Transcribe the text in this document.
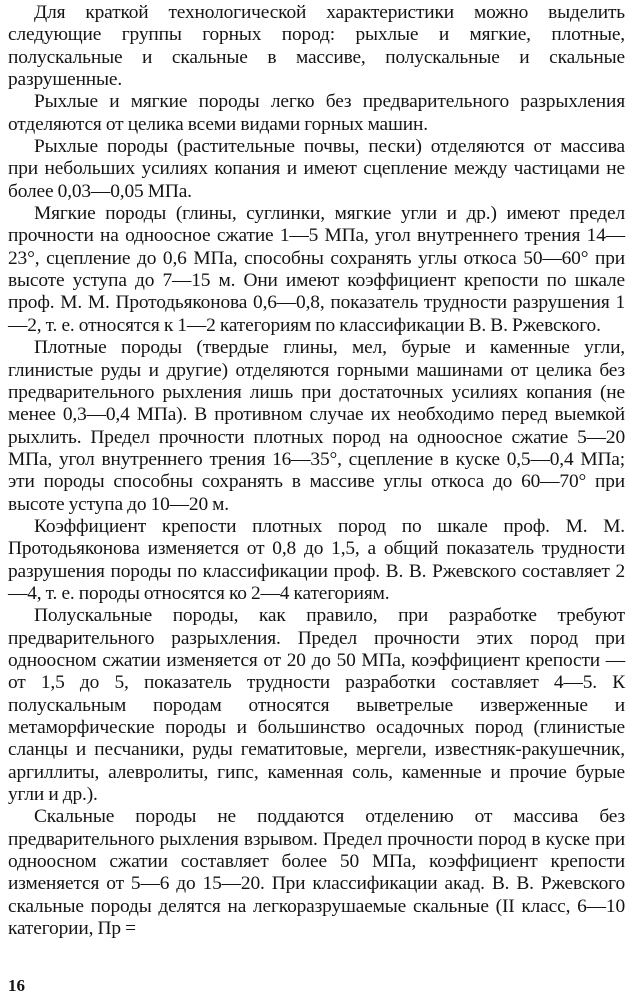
Для краткой технологической характеристики можно выделить следующие группы горных пород: рыхлые и мягкие, плотные, полускальные и скальные в массиве, полускальные и скальные разрушенные.

Рыхлые и мягкие породы легко без предварительного разрыхления отделяются от целика всеми видами горных машин.

Рыхлые породы (растительные почвы, пески) отделяются от массива при небольших усилиях копания и имеют сцепление между частицами не более 0,03—0,05 МПа.

Мягкие породы (глины, суглинки, мягкие угли и др.) имеют предел прочности на одноосное сжатие 1—5 МПа, угол внутреннего трения 14—23°, сцепление до 0,6 МПа, способны сохранять углы откоса 50—60° при высоте уступа до 7—15 м. Они имеют коэффициент крепости по шкале проф. М. М. Протодьяконова 0,6—0,8, показатель трудности разрушения 1—2, т. е. относятся к 1—2 категориям по классификации В. В. Ржевского.

Плотные породы (твердые глины, мел, бурые и каменные угли, глинистые руды и другие) отделяются горными машинами от целика без предварительного рыхления лишь при достаточных усилиях копания (не менее 0,3—0,4 МПа). В противном случае их необходимо перед выемкой рыхлить. Предел прочности плотных пород на одноосное сжатие 5—20 МПа, угол внутреннего трения 16—35°, сцепление в куске 0,5—0,4 МПа; эти породы способны сохранять в массиве углы откоса до 60—70° при высоте уступа до 10—20 м.

Коэффициент крепости плотных пород по шкале проф. М. М. Протодьяконова изменяется от 0,8 до 1,5, а общий показатель трудности разрушения породы по классификации проф. В. В. Ржевского составляет 2—4, т. е. породы относятся ко 2—4 категориям.

Полускальные породы, как правило, при разработке требуют предварительного разрыхления. Предел прочности этих пород при одноосном сжатии изменяется от 20 до 50 МПа, коэффициент крепости — от 1,5 до 5, показатель трудности разработки составляет 4—5. К полускальным породам относятся выветрелые изверженные и метаморфические породы и большинство осадочных пород (глинистые сланцы и песчаники, руды гематитовые, мергели, известняк-ракушечник, аргиллиты, алевролиты, гипс, каменная соль, каменные и прочие бурые угли и др.).

Скальные породы не поддаются отделению от массива без предварительного рыхления взрывом. Предел прочности пород в куске при одноосном сжатии составляет более 50 МПа, коэффициент крепости изменяется от 5—6 до 15—20. При классификации акад. В. В. Ржевского скальные породы делятся на легкоразрушаемые скальные (II класс, 6—10 категории, Пр =

16
